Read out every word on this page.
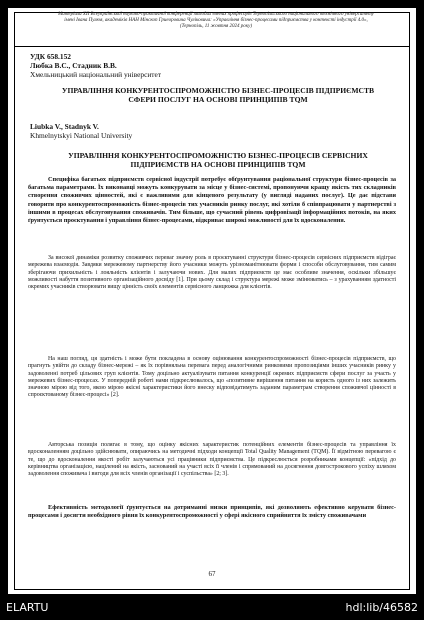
Матеріали XII Всеукраїнської науково-практичної конференції молодих вчених професорів Тернопільського національного технічного університету імені Івана Пулюя, академіків НАН Мінскоп Гриеоровича Чуліковича: «Управління бізнес-процесами підприємства у контексті індустрії 4.0», (Тернопіль, 11 жовтня 2024 року)
УДК 658.152
Любка В.С., Стадник В.В.
Хмельницький національний університет
УПРАВЛІННЯ КОНКУРЕНТОСПРОМОЖНІСТЮ БІЗНЕС-ПРОЦЕСІВ ПІДПРИЄМСТВ СФЕРИ ПОСЛУГ НА ОСНОВІ ПРИНЦИПІВ TQM
Liubka V., Stadnyk V.
Khmelnytskyi National University
УПРАВЛІННЯ КОНКУРЕНТОСПРОМОЖНІСТЮ БІЗНЕС-ПРОЦЕСІВ СЕРВІСНИХ ПІДПРИЄМСТВ НА ОСНОВІ ПРИНЦИПІВ TQM
Специфіка багатьох підприємств сервісної індустрії потребує обґрунтування раціональної структури бізнес-процесів за багатьма параметрами. Їх виконавці можуть конкурувати за місце у бізнес-системі, пропонуючи кращу якість тих складників створення споживчих цінностей, які є важливими для кінцевого результату (у вигляді наданих послуг). Це дає підстави говорити про конкурентоспроможність бізнес-процесів тих учасників ринку послуг, які хотіли б співпрацювати у партнерстві з іншими в процесах обслуговування споживачів. Тим більше, що сучасний рівень цифровізації інформаційних потоків, на яких ґрунтується проєктування і управління бізнес-процесами, відкриває широкі можливості для їх вдосконалення.
За високої динаміки розвитку споживчих переваг значну роль в проєктуванні структури бізнес-процесів сервісних підприємств відіграє мережева взаємодія. Завдяки мережевому партнерству його учасники можуть урізноманітнювати форми і способи обслуговування, тим самим зберігаючи прихильність і лояльність клієнтів і залучаючи нових. Для малих підприємств це має особливе значення, оскільки збільшує можливості набуття позитивного організаційного досвіду [1]. При цьому склад і структура мережі може змінюватись – з урахуванням здатності окремих учасників створювати вищу цінність своїх елементів сервісного ланцюжка для клієнтів.
На наш погляд, ця здатність і може бути покладена в основу оцінювання конкурентоспроможності бізнес-процесів підприємств, що прагнуть увійти до складу бізнес-мережі – як їх порівняльна перевага перед аналогічними ринковими пропозиціями інших учасників ринку у задоволенні потреб цільових груп клієнтів. Тому доцільно актуалізувати питання конкуренції окремих підприємств сфери послуг за участь у мережевих бізнес-процесах. У попередній роботі нами підкреслювалось, що «позитивне вирішення питання на користь одного із них залежить значною мірою від того, якою мірою якісні характеристики його внеску відповідатимуть заданим параметрам створення споживчої цінності в спроєктованому бізнес-процесі» [2].
Авторська позиція полягає в тому, що оцінку якісних характеристик потенційних елементів бізнес-процесів та управління їх вдосконаленням доцільно здійснювати, опираючись на методичні підходи концепції Total Quality Management (TQM). Її відмітною перевагою є те, що до вдосконалення якості робіт залучаються усі працівники підприємства. Це підкреслюється розробниками концепції: «підхід до керівництва організацією, націлений на якість, заснований на участі всіх її членів і спрямований на досягнення довгострокового успіху шляхом задоволення споживача і вигоди для всіх членів організації і суспільства» [2; 3].
Ефективність методології ґрунтується на дотриманні низки принципів, які дозволяють ефективно керувати бізнес-процесами і досягти необхідного рівня їх конкурентоспроможності у сфері якісного сприйняття їх змісту споживачами
67
ELARTU	hdl:lib/46582
